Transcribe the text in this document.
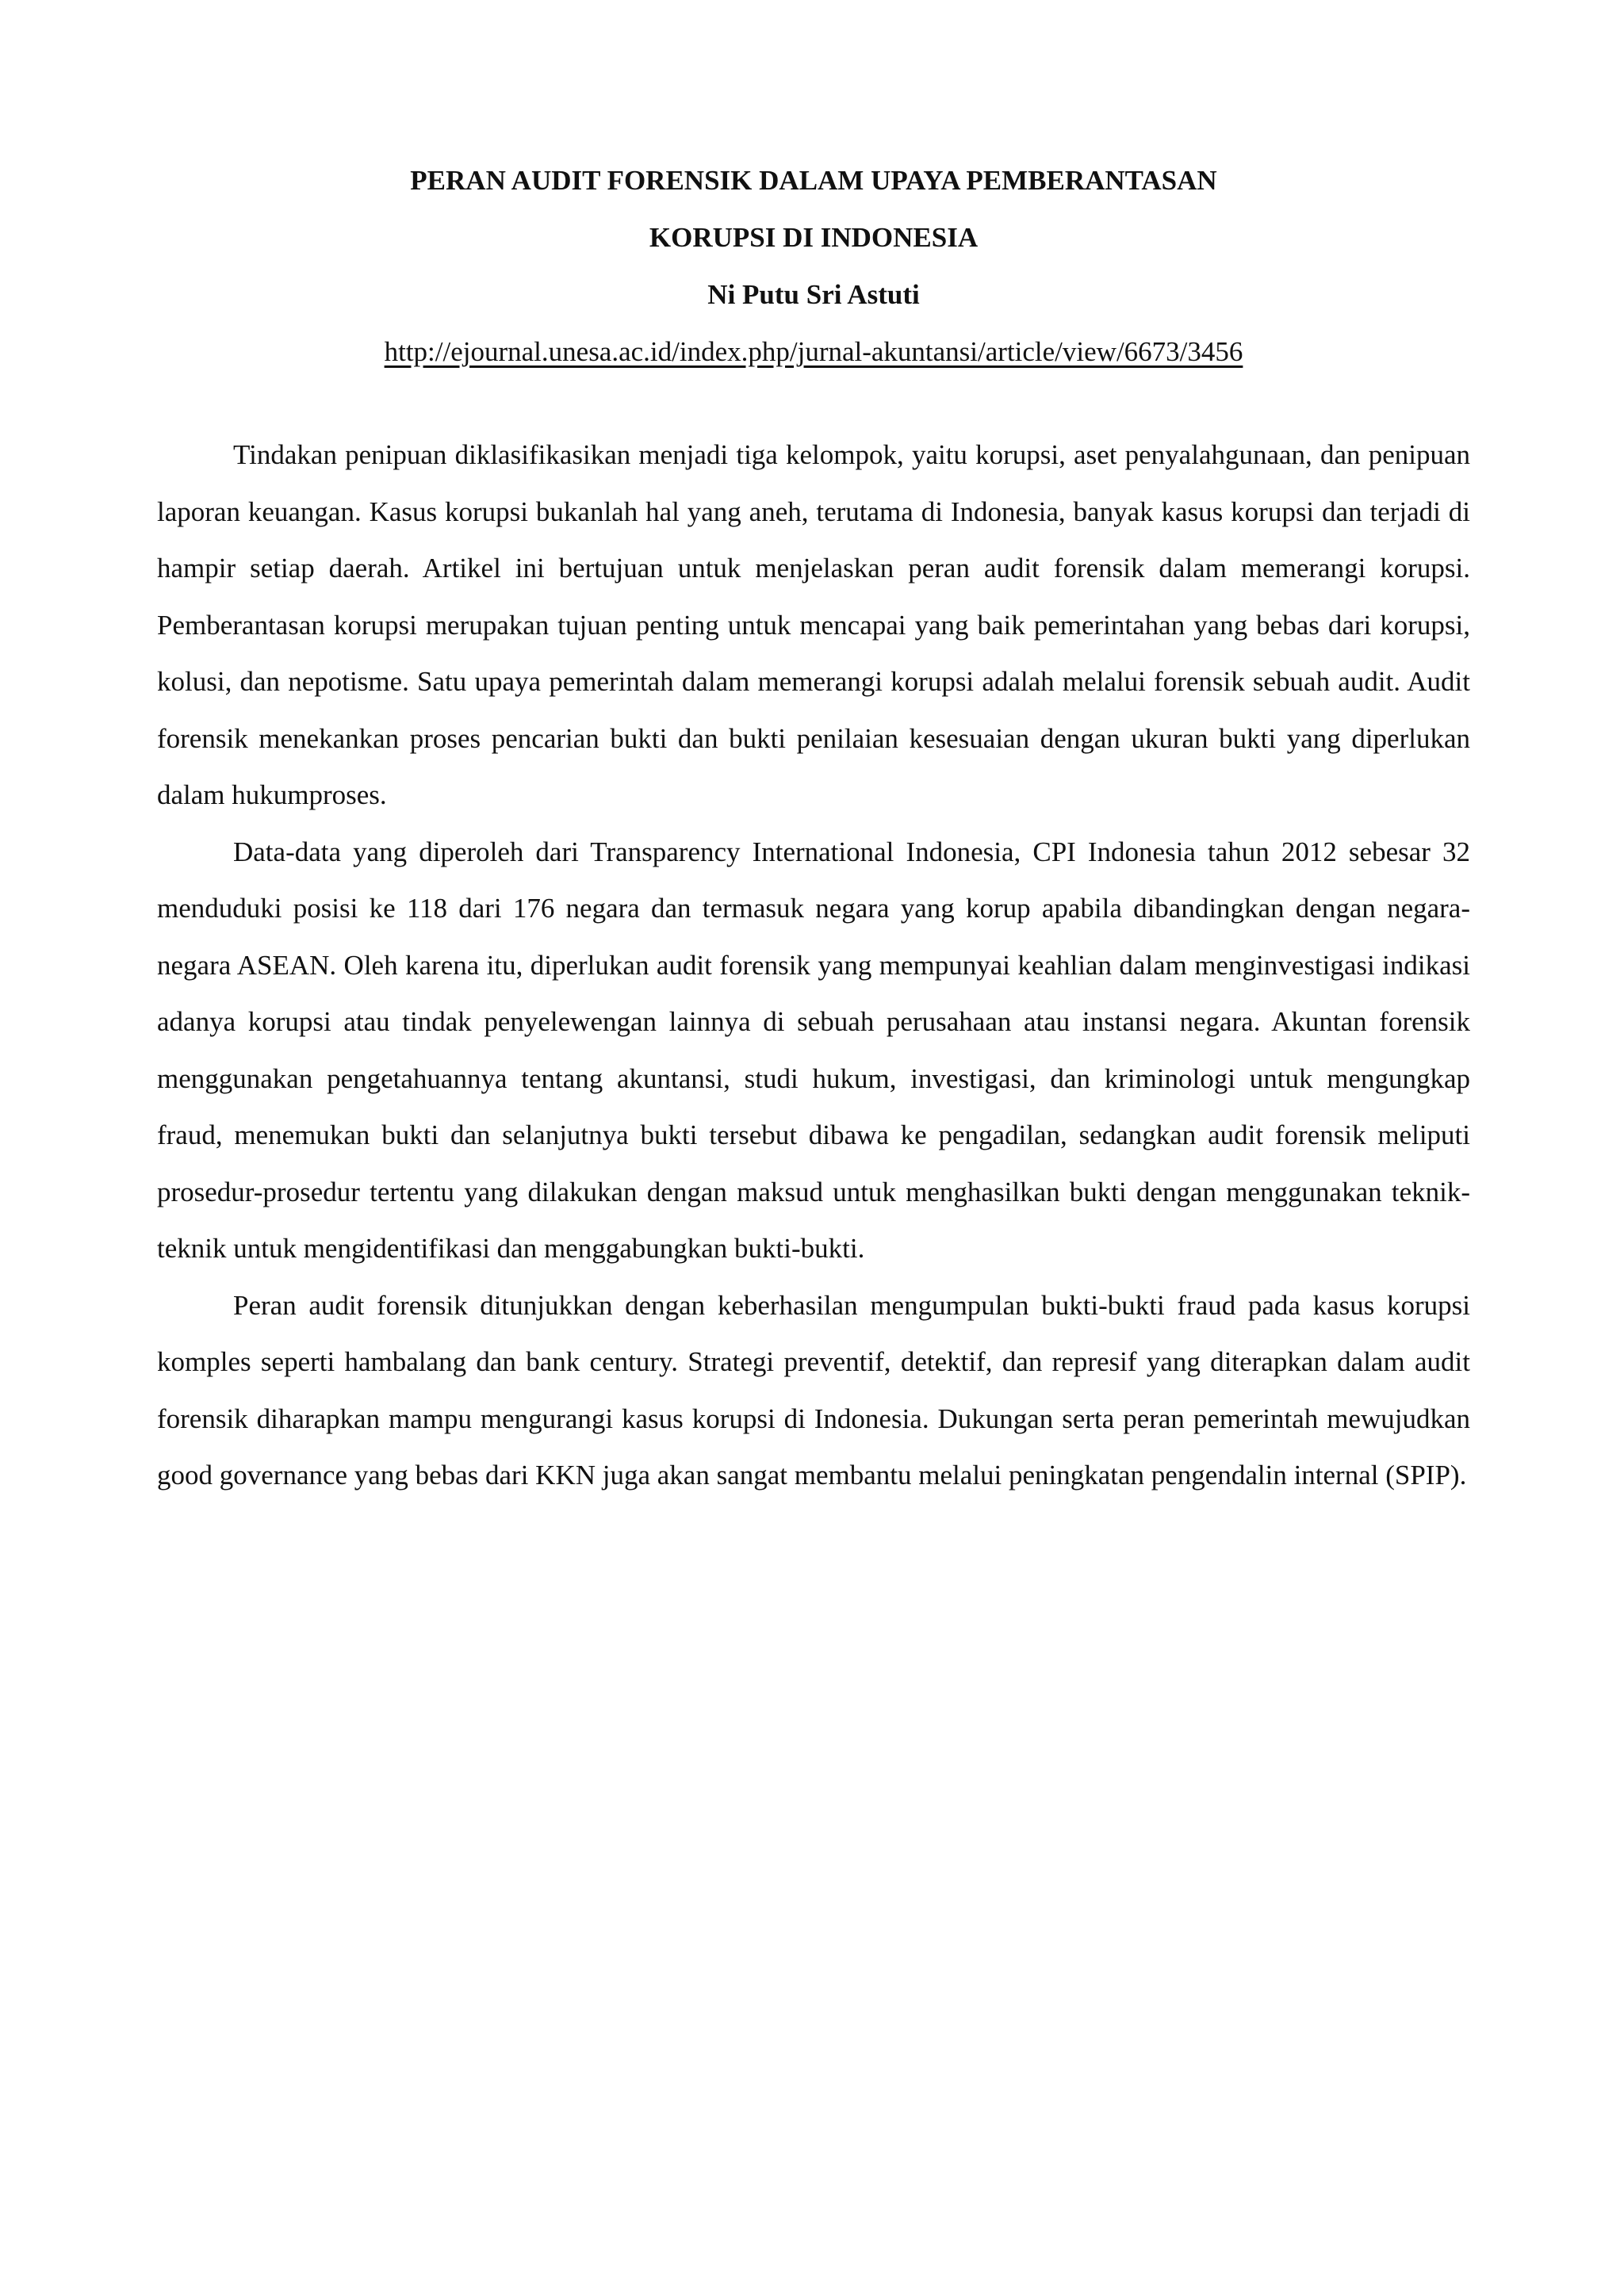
PERAN AUDIT FORENSIK DALAM UPAYA PEMBERANTASAN

KORUPSI DI INDONESIA

Ni Putu Sri Astuti

http://ejournal.unesa.ac.id/index.php/jurnal-akuntansi/article/view/6673/3456

Tindakan penipuan diklasifikasikan menjadi tiga kelompok, yaitu korupsi, aset penyalahgunaan, dan penipuan laporan keuangan. Kasus korupsi bukanlah hal yang aneh, terutama di Indonesia, banyak kasus korupsi dan terjadi di hampir setiap daerah. Artikel ini bertujuan untuk menjelaskan peran audit forensik dalam memerangi korupsi. Pemberantasan korupsi merupakan tujuan penting untuk mencapai yang baik pemerintahan yang bebas dari korupsi, kolusi, dan nepotisme. Satu upaya pemerintah dalam memerangi korupsi adalah melalui forensik sebuah audit. Audit forensik menekankan proses pencarian bukti dan bukti penilaian kesesuaian dengan ukuran bukti yang diperlukan dalam hukumproses.

Data-data yang diperoleh dari Transparency International Indonesia, CPI Indonesia tahun 2012 sebesar 32 menduduki posisi ke 118 dari 176 negara dan termasuk negara yang korup apabila dibandingkan dengan negara-negara ASEAN. Oleh karena itu, diperlukan audit forensik yang mempunyai keahlian dalam menginvestigasi indikasi adanya korupsi atau tindak penyelewengan lainnya di sebuah perusahaan atau instansi negara. Akuntan forensik menggunakan pengetahuannya tentang akuntansi, studi hukum, investigasi, dan kriminologi untuk mengungkap fraud, menemukan bukti dan selanjutnya bukti tersebut dibawa ke pengadilan, sedangkan audit forensik meliputi prosedur-prosedur tertentu yang dilakukan dengan maksud untuk menghasilkan bukti dengan menggunakan teknik-teknik untuk mengidentifikasi dan menggabungkan bukti-bukti.

Peran audit forensik ditunjukkan dengan keberhasilan mengumpulan bukti-bukti fraud pada kasus korupsi komples seperti hambalang dan bank century. Strategi preventif, detektif, dan represif yang diterapkan dalam audit forensik diharapkan mampu mengurangi kasus korupsi di Indonesia. Dukungan serta peran pemerintah mewujudkan good governance yang bebas dari KKN juga akan sangat membantu melalui peningkatan pengendalin internal (SPIP).
